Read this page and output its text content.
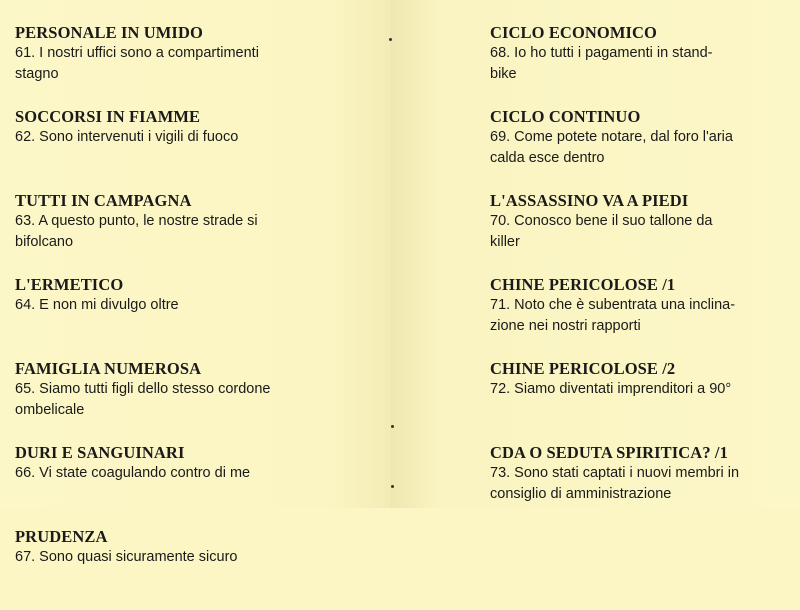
PERSONALE IN UMIDO
61. I nostri uffici sono a compartimenti
stagno
SOCCORSI IN FIAMME
62. Sono intervenuti i vigili di fuoco
TUTTI IN CAMPAGNA
63. A questo punto, le nostre strade si
bifolcano
L'ERMETICO
64. E non mi divulgo oltre
FAMIGLIA NUMEROSA
65. Siamo tutti figli dello stesso cordone
ombelicale
DURI E SANGUINARI
66. Vi state coagulando contro di me
PRUDENZA
67. Sono quasi sicuramente sicuro
CICLO ECONOMICO
68. Io ho tutti i pagamenti in stand-
bike
CICLO CONTINUO
69. Come potete notare, dal foro l'aria
calda esce dentro
L'ASSASSINO VA A PIEDI
70. Conosco bene il suo tallone da
killer
CHINE PERICOLOSE /1
71. Noto che è subentrata una inclina-
zione nei nostri rapporti
CHINE PERICOLOSE /2
72. Siamo diventati imprenditori a 90°
CDA O SEDUTA SPIRITICA? /1
73. Sono stati captati i nuovi membri in
consiglio di amministrazione
